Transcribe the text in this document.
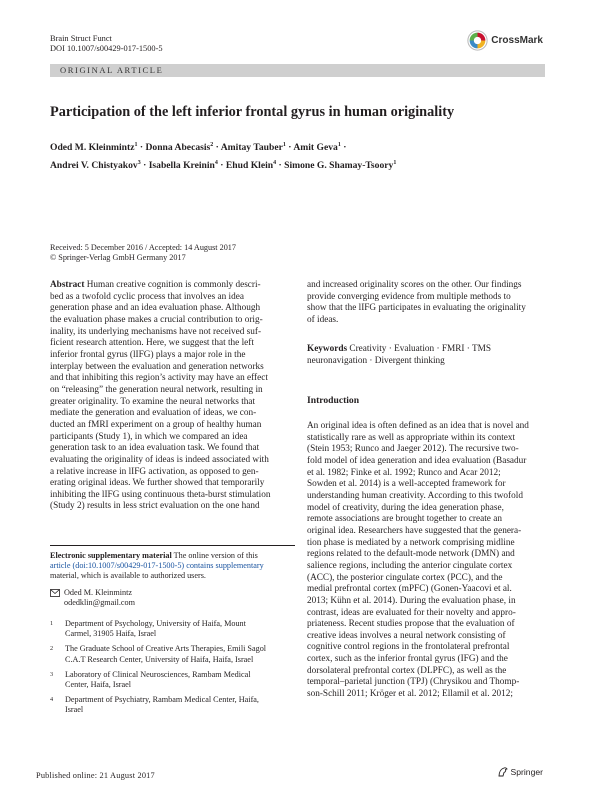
Brain Struct Funct
DOI 10.1007/s00429-017-1500-5
CrossMark
ORIGINAL ARTICLE
Participation of the left inferior frontal gyrus in human originality
Oded M. Kleinmintz$^1$ · Donna Abecasis$^2$ · Amitay Tauber$^1$ · Amit Geva$^1$ ·
Andrei V. Chistyakov$^3$ · Isabella Kreinin$^4$ · Ehud Klein$^4$ · Simone G. Shamay-Tsoory$^1$
Received: 5 December 2016 / Accepted: 14 August 2017
© Springer-Verlag GmbH Germany 2017
Abstract Human creative cognition is commonly descri-
bed as a twofold cyclic process that involves an idea
generation phase and an idea evaluation phase. Although
the evaluation phase makes a crucial contribution to orig-
inality, its underlying mechanisms have not received suf-
ficient research attention. Here, we suggest that the left
inferior frontal gyrus (lIFG) plays a major role in the
interplay between the evaluation and generation networks
and that inhibiting this region’s activity may have an effect
on “releasing” the generation neural network, resulting in
greater originality. To examine the neural networks that
mediate the generation and evaluation of ideas, we con-
ducted an fMRI experiment on a group of healthy human
participants (Study 1), in which we compared an idea
generation task to an idea evaluation task. We found that
evaluating the originality of ideas is indeed associated with
a relative increase in lIFG activation, as opposed to gen-
erating original ideas. We further showed that temporarily
inhibiting the lIFG using continuous theta-burst stimulation
(Study 2) results in less strict evaluation on the one hand
Electronic supplementary material The online version of this
article (doi:10.1007/s00429-017-1500-5) contains supplementary
material, which is available to authorized users.
Oded M. Kleinmintz
odedklin@gmail.com
1	Department of Psychology, University of Haifa, Mount
Carmel, 31905 Haifa, Israel
2	The Graduate School of Creative Arts Therapies, Emili Sagol
C.A.T Research Center, University of Haifa, Haifa, Israel
3	Laboratory of Clinical Neurosciences, Rambam Medical
Center, Haifa, Israel
4	Department of Psychiatry, Rambam Medical Center, Haifa,
Israel
and increased originality scores on the other. Our findings
provide converging evidence from multiple methods to
show that the lIFG participates in evaluating the originality
of ideas.
Keywords Creativity · Evaluation · FMRI · TMS
neuronavigation · Divergent thinking
Introduction
An original idea is often defined as an idea that is novel and
statistically rare as well as appropriate within its context
(Stein 1953; Runco and Jaeger 2012). The recursive two-
fold model of idea generation and idea evaluation (Basadur
et al. 1982; Finke et al. 1992; Runco and Acar 2012;
Sowden et al. 2014) is a well-accepted framework for
understanding human creativity. According to this twofold
model of creativity, during the idea generation phase,
remote associations are brought together to create an
original idea. Researchers have suggested that the genera-
tion phase is mediated by a network comprising midline
regions related to the default-mode network (DMN) and
salience regions, including the anterior cingulate cortex
(ACC), the posterior cingulate cortex (PCC), and the
medial prefrontal cortex (mPFC) (Gonen-Yaacovi et al.
2013; Kühn et al. 2014). During the evaluation phase, in
contrast, ideas are evaluated for their novelty and appro-
priateness. Recent studies propose that the evaluation of
creative ideas involves a neural network consisting of
cognitive control regions in the frontolateral prefrontal
cortex, such as the inferior frontal gyrus (IFG) and the
dorsolateral prefrontal cortex (DLPFC), as well as the
temporal–parietal junction (TPJ) (Chrysikou and Thomp-
son-Schill 2011; Kröger et al. 2012; Ellamil et al. 2012;
Published online: 21 August 2017	Springer
